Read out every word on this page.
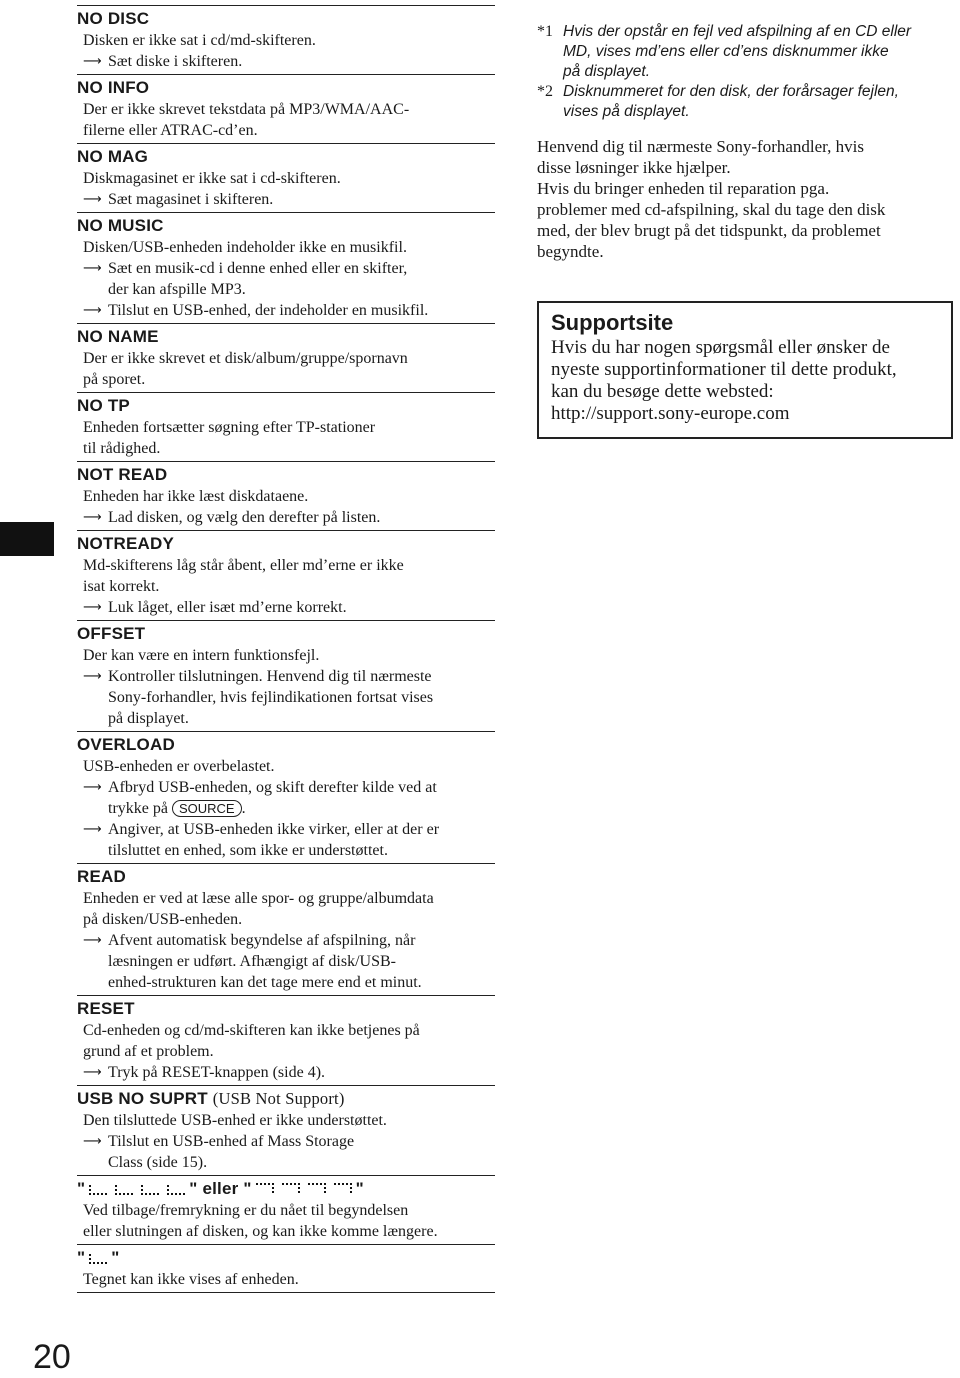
20
NO DISC
Disken er ikke sat i cd/md-skifteren.
⟶ Sæt diske i skifteren.
NO INFO
Der er ikke skrevet tekstdata på MP3/WMA/AAC-
filerne eller ATRAC-cd’en.
NO MAG
Diskmagasinet er ikke sat i cd-skifteren.
⟶ Sæt magasinet i skifteren.
NO MUSIC
Disken/USB-enheden indeholder ikke en musikfil.
⟶ Sæt en musik-cd i denne enhed eller en skifter,
der kan afspille MP3.
⟶ Tilslut en USB-enhed, der indeholder en musikfil.
NO NAME
Der er ikke skrevet et disk/album/gruppe/spornavn
på sporet.
NO TP
Enheden fortsætter søgning efter TP-stationer
til rådighed.
NOT READ
Enheden har ikke læst diskdataene.
⟶ Lad disken, og vælg den derefter på listen.
NOTREADY
Md-skifterens låg står åbent, eller md’erne er ikke
isat korrekt.
⟶ Luk låget, eller isæt md’erne korrekt.
OFFSET
Der kan være en intern funktionsfejl.
⟶ Kontroller tilslutningen. Henvend dig til nærmeste
Sony-forhandler, hvis fejlindikationen fortsat vises
på displayet.
OVERLOAD
USB-enheden er overbelastet.
⟶ Afbryd USB-enheden, og skift derefter kilde ved at
trykke på SOURCE .
⟶ Angiver, at USB-enheden ikke virker, eller at der er
tilsluttet en enhed, som ikke er understøttet.
READ
Enheden er ved at læse alle spor- og gruppe/albumdata
på disken/USB-enheden.
⟶ Afvent automatisk begyndelse af afspilning, når
læsningen er udført. Afhængigt af disk/USB-
enhed-strukturen kan det tage mere end et minut.
RESET
Cd-enheden og cd/md-skifteren kan ikke betjenes på
grund af et problem.
⟶ Tryk på RESET-knappen (side 4).
USB NO SUPRT (USB Not Support)
Den tilsluttede USB-enhed er ikke understøttet.
⟶ Tilslut en USB-enhed af Mass Storage
Class (side 15).
"	" eller "	"
Ved tilbage/fremrykning er du nået til begyndelsen
eller slutningen af disken, og kan ikke komme længere.
" "
Tegnet kan ikke vises af enheden.
*1 Hvis der opstår en fejl ved afspilning af en CD eller
MD, vises md’ens eller cd’ens disknummer ikke
på displayet.
*2 Disknummeret for den disk, der forårsager fejlen,
vises på displayet.
Henvend dig til nærmeste Sony-forhandler, hvis
disse løsninger ikke hjælper.
Hvis du bringer enheden til reparation pga.
problemer med cd-afspilning, skal du tage den disk
med, der blev brugt på det tidspunkt, da problemet
begyndte.
Supportsite
Hvis du har nogen spørgsmål eller ønsker de
nyeste supportinformationer til dette produkt,
kan du besøge dette websted:
http://support.sony-europe.com
